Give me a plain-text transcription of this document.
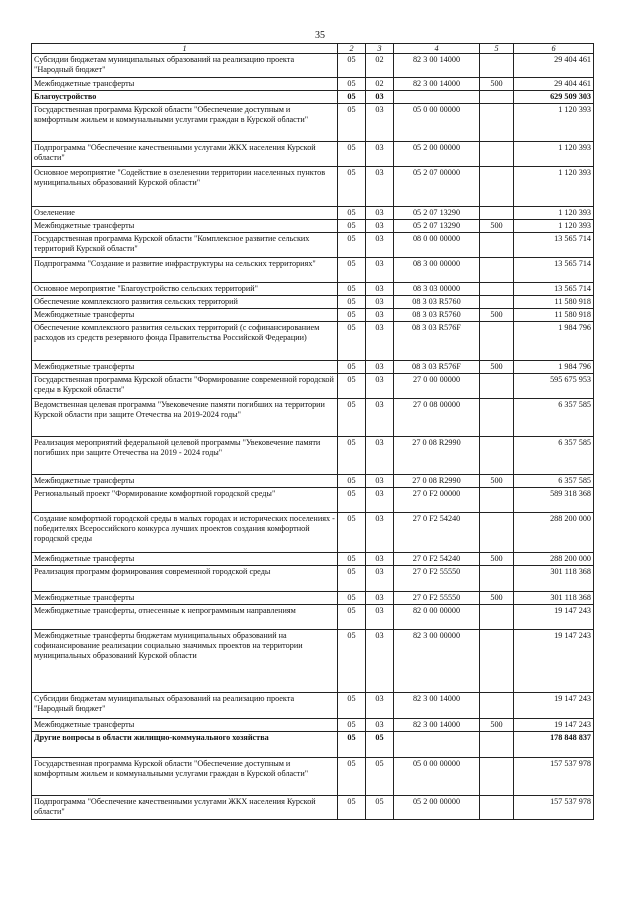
35
1	2	3	4	5	6
Субсидии бюджетам муниципальных образований на реализацию проекта "Народный бюджет"	05	02	82 3 00 14000		29 404 461
Межбюджетные трансферты	05	02	82 3 00 14000	500	29 404 461
Благоустройство	05	03			629 509 303
Государственная программа Курской области "Обеспечение доступным и комфортным жильем и коммунальными услугами граждан в Курской области"	05	03	05 0 00 00000		1 120 393
Подпрограмма "Обеспечение качественными услугами ЖКХ населения Курской области"	05	03	05 2 00 00000		1 120 393
Основное мероприятие "Содействие в озеленении территории населенных пунктов муниципальных образований Курской области"	05	03	05 2 07 00000		1 120 393
Озеленение	05	03	05 2 07 13290		1 120 393
Межбюджетные трансферты	05	03	05 2 07 13290	500	1 120 393
Государственная программа Курской области "Комплексное развитие сельских территорий Курской области"	05	03	08 0 00 00000		13 565 714
Подпрограмма "Создание и развитие инфраструктуры на сельских территориях"	05	03	08 3 00 00000		13 565 714
Основное мероприятие "Благоустройство сельских территорий"	05	03	08 3 03 00000		13 565 714
Обеспечение комплексного развития сельских территорий	05	03	08 3 03 R5760		11 580 918
Межбюджетные трансферты	05	03	08 3 03 R5760	500	11 580 918
Обеспечение комплексного развития сельских территорий (с софинансированием расходов из средств резервного фонда Правительства Российской Федерации)	05	03	08 3 03 R576F		1 984 796
Межбюджетные трансферты	05	03	08 3 03 R576F	500	1 984 796
Государственная программа Курской области "Формирование современной городской среды в Курской области"	05	03	27 0 00 00000		595 675 953
Ведомственная целевая программа "Увековечение памяти погибших на территории Курской области при защите Отечества на 2019-2024 годы"	05	03	27 0 08 00000		6 357 585
Реализация мероприятий федеральной целевой программы "Увековечение памяти погибших при защите Отечества на 2019 - 2024 годы"	05	03	27 0 08 R2990		6 357 585
Межбюджетные трансферты	05	03	27 0 08 R2990	500	6 357 585
Региональный проект "Формирование комфортной городской среды"	05	03	27 0 F2 00000		589 318 368
Создание комфортной городской среды в малых городах и исторических поселениях - победителях Всероссийского конкурса лучших проектов создания комфортной городской среды	05	03	27 0 F2 54240		288 200 000
Межбюджетные трансферты	05	03	27 0 F2 54240	500	288 200 000
Реализация программ формирования современной городской среды	05	03	27 0 F2 55550		301 118 368
Межбюджетные трансферты	05	03	27 0 F2 55550	500	301 118 368
Межбюджетные трансферты, отнесенные к непрограммным направлениям	05	03	82 0 00 00000		19 147 243
Межбюджетные трансферты бюджетам муниципальных образований на софинансирование реализации социально значимых проектов на территории муниципальных образований Курской области	05	03	82 3 00 00000		19 147 243
Субсидии бюджетам муниципальных образований на реализацию проекта "Народный бюджет"	05	03	82 3 00 14000		19 147 243
Межбюджетные трансферты	05	03	82 3 00 14000	500	19 147 243
Другие вопросы в области жилищно-коммунального хозяйства	05	05			178 848 837
Государственная программа Курской области "Обеспечение доступным и комфортным жильем и коммунальными услугами граждан в Курской области"	05	05	05 0 00 00000		157 537 978
Подпрограмма "Обеспечение качественными услугами ЖКХ населения Курской области"	05	05	05 2 00 00000		157 537 978
